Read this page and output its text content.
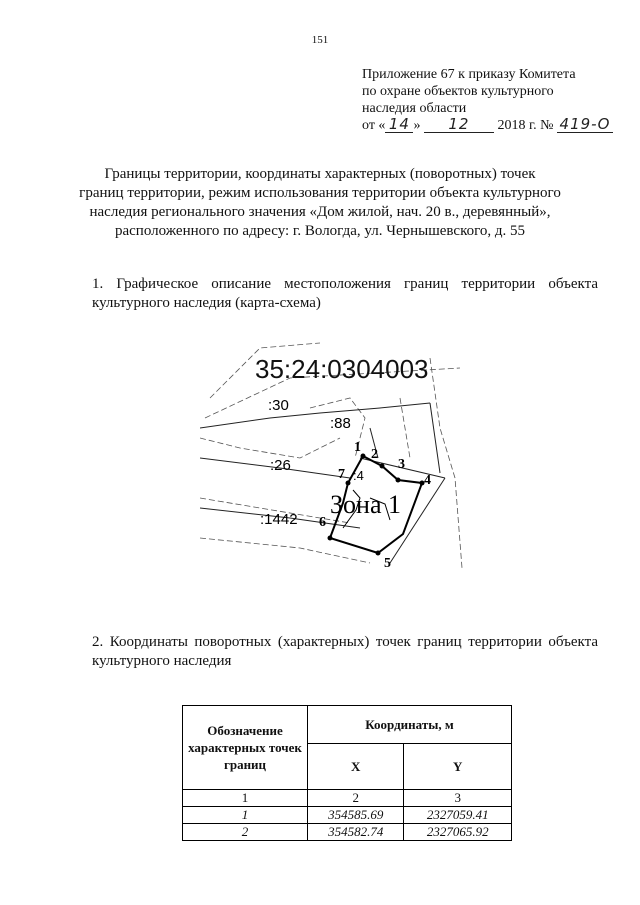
151
Приложение 67 к приказу Комитета
по охране объектов культурного
наследия области
от « 14 » 12 2018 г. № 419-О
Границы территории, координаты характерных (поворотных) точек
границ территории, режим использования территории объекта культурного
наследия регионального значения «Дом жилой, нач. 20 в., деревянный»,
расположенного по адресу: г. Вологда, ул. Чернышевского, д. 55
1. Графическое описание местоположения границ территории объекта культурного наследия (карта-схема)
35:24:0304003
:30
:88
:26
:4
:1442
Зона 1
1 2
3
4
5
6
7
2. Координаты поворотных (характерных) точек границ территории объекта культурного наследия
Обозначение характерных точек границ	Координаты, м	
	X	Y
1	2	3
1	354585.69	2327059.41
2	354582.74	2327065.92
